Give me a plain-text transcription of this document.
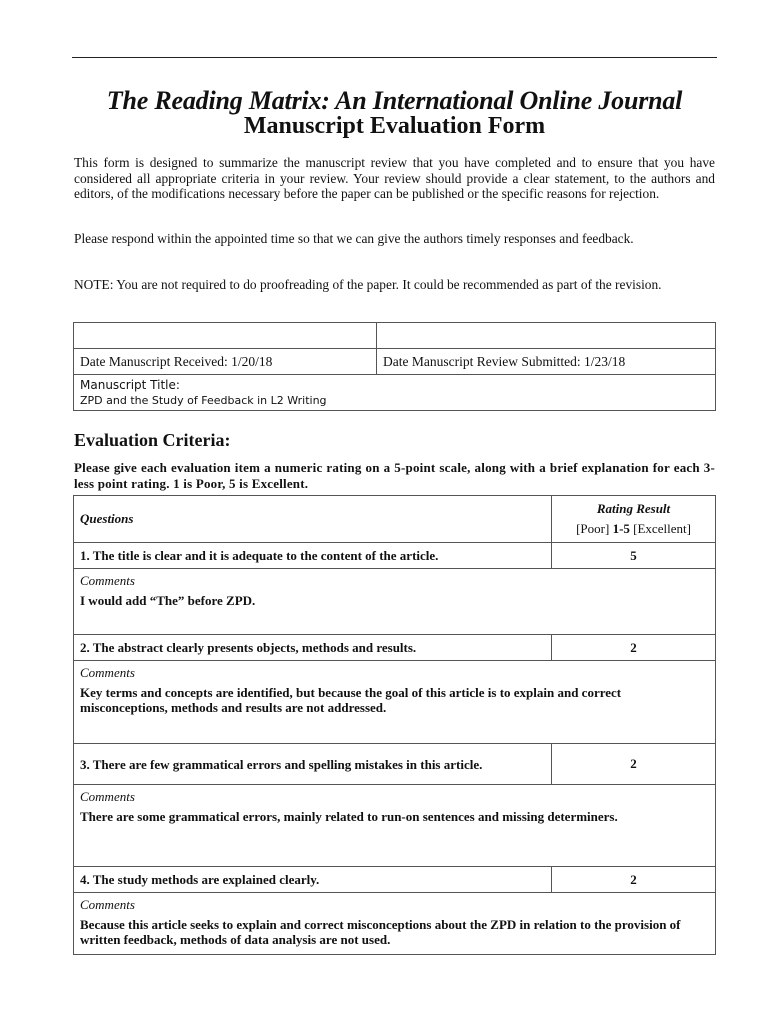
The Reading Matrix: An International Online Journal
Manuscript Evaluation Form
This form is designed to summarize the manuscript review that you have completed and to ensure that you have considered all appropriate criteria in your review. Your review should provide a clear statement, to the authors and editors, of the modifications necessary before the paper can be published or the specific reasons for rejection.
Please respond within the appointed time so that we can give the authors timely responses and feedback.
NOTE: You are not required to do proofreading of the paper. It could be recommended as part of the revision.

Date Manuscript Received: 1/20/18	Date Manuscript Review Submitted: 1/23/18

Manuscript Title:
ZPD and the Study of Feedback in L2 Writing	
Evaluation Criteria:
Please give each evaluation item a numeric rating on a 5-point scale, along with a brief explanation for each 3-less point rating. 1 is Poor, 5 is Excellent.
Questions	Rating Result
[Poor] 1-5 [Excellent]

1. The title is clear and it is adequate to the content of the article.	5

Comments
I would add “The” before ZPD.	

2. The abstract clearly presents objects, methods and results.	2

Comments
Key terms and concepts are identified, but because the goal of this article is to explain and correct misconceptions, methods and results are not addressed.	

3. There are few grammatical errors and spelling mistakes in this article.	2

Comments
There are some grammatical errors, mainly related to run-on sentences and missing determiners.	

4. The study methods are explained clearly.	2

Comments
Because this article seeks to explain and correct misconceptions about the ZPD in relation to the provision of written feedback, methods of data analysis are not used.	
